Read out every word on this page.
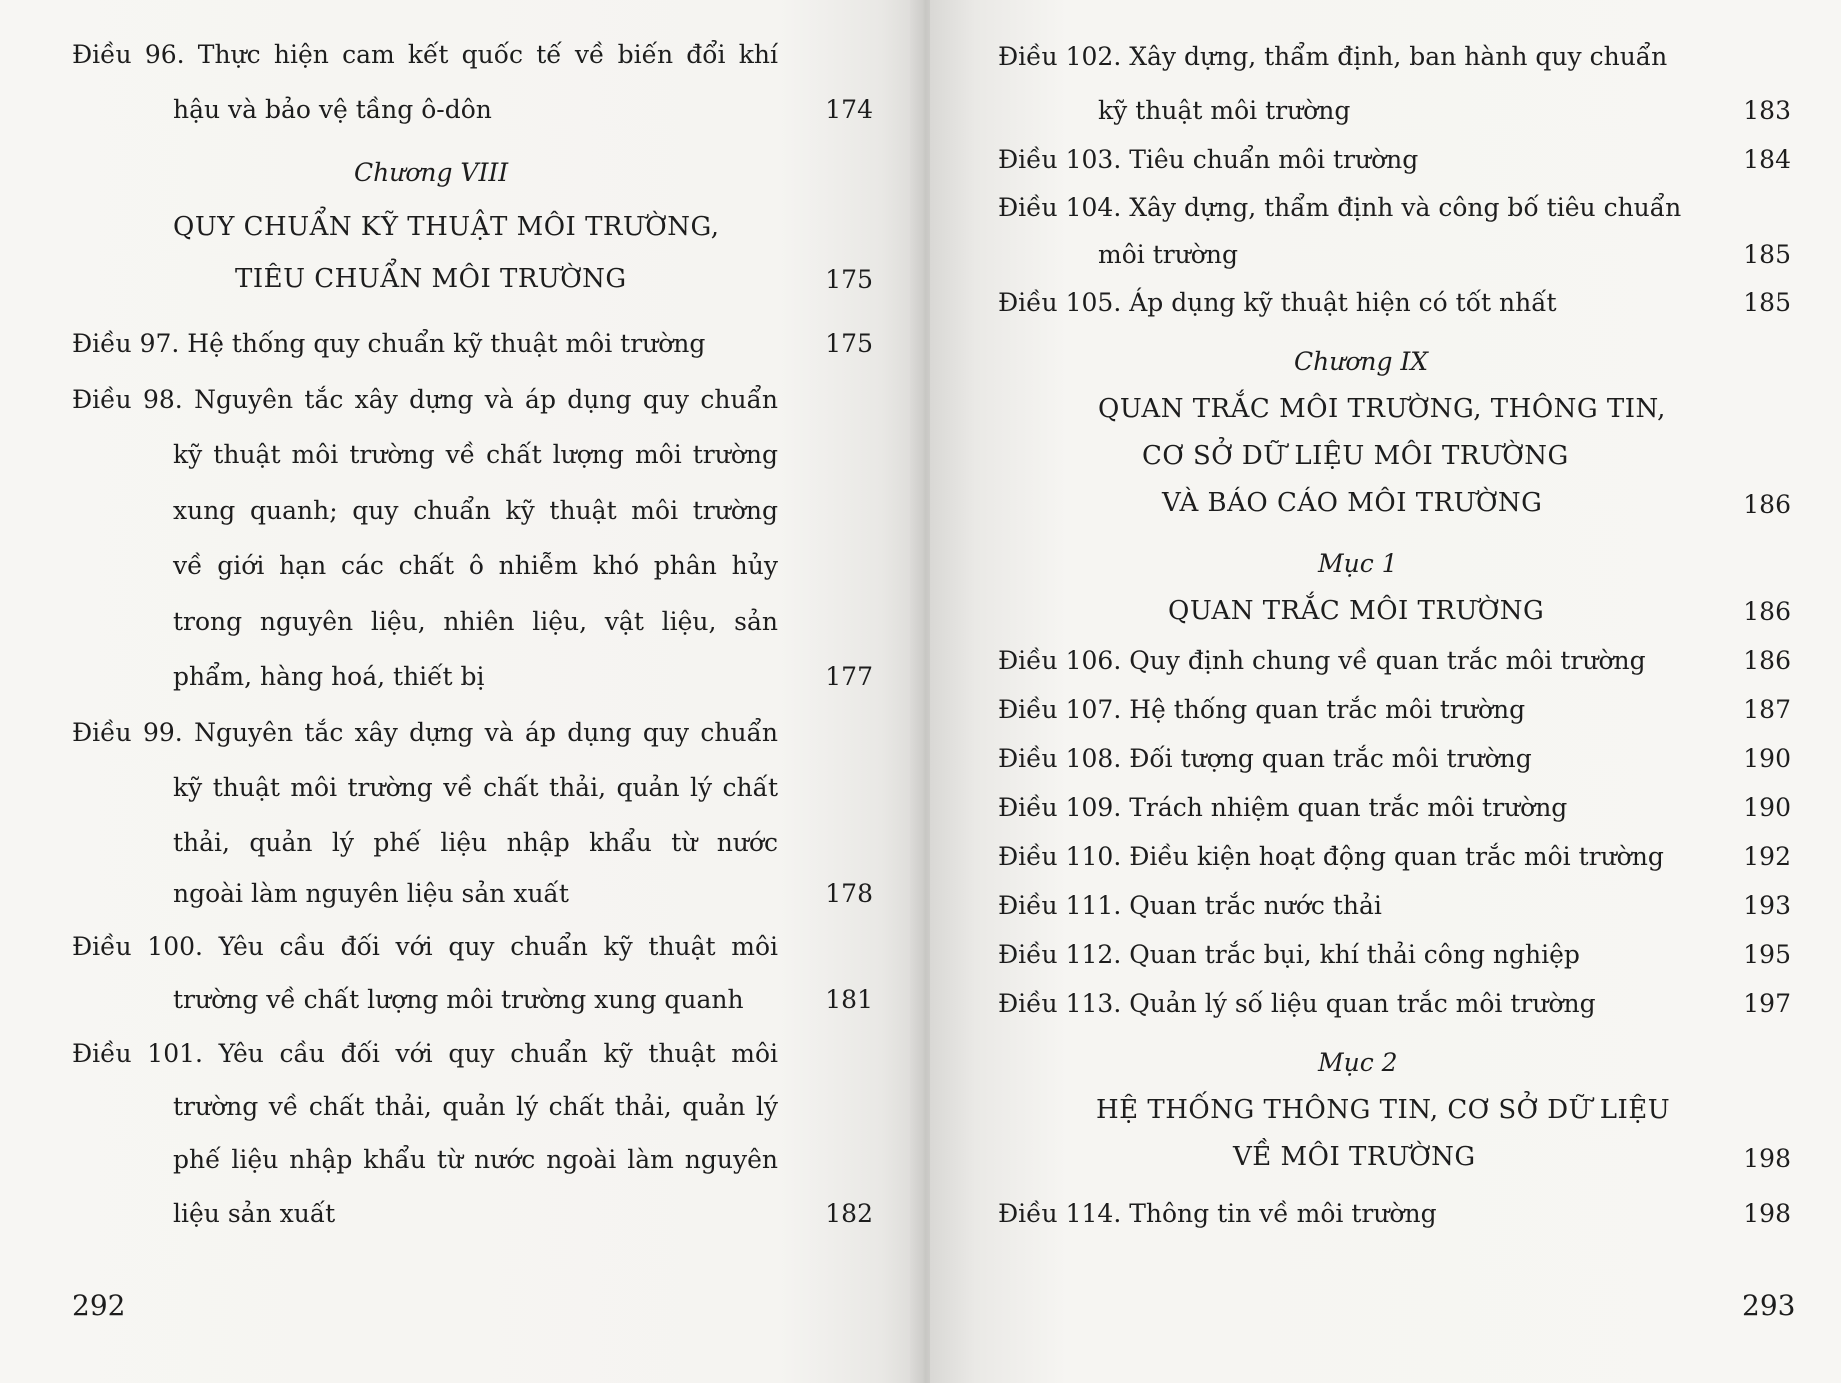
Điều 96. Thực hiện cam kết quốc tế về biến đổi khí
hậu và bảo vệ tầng ô-dôn	174
Chương VIII
QUY CHUẨN KỸ THUẬT MÔI TRƯỜNG,
TIÊU CHUẨN MÔI TRƯỜNG	175
Điều 97. Hệ thống quy chuẩn kỹ thuật môi trường	175
Điều 98. Nguyên tắc xây dựng và áp dụng quy chuẩn
kỹ thuật môi trường về chất lượng môi trường
xung quanh; quy chuẩn kỹ thuật môi trường
về giới hạn các chất ô nhiễm khó phân hủy
trong nguyên liệu, nhiên liệu, vật liệu, sản
phẩm, hàng hoá, thiết bị	177
Điều 99. Nguyên tắc xây dựng và áp dụng quy chuẩn
kỹ thuật môi trường về chất thải, quản lý chất
thải, quản lý phế liệu nhập khẩu từ nước
ngoài làm nguyên liệu sản xuất	178
Điều 100. Yêu cầu đối với quy chuẩn kỹ thuật môi
trường về chất lượng môi trường xung quanh	181
Điều 101. Yêu cầu đối với quy chuẩn kỹ thuật môi
trường về chất thải, quản lý chất thải, quản lý
phế liệu nhập khẩu từ nước ngoài làm nguyên
liệu sản xuất	182
292
Điều 102. Xây dựng, thẩm định, ban hành quy chuẩn
kỹ thuật môi trường	183
Điều 103. Tiêu chuẩn môi trường	184
Điều 104. Xây dựng, thẩm định và công bố tiêu chuẩn
môi trường	185
Điều 105. Áp dụng kỹ thuật hiện có tốt nhất	185
Chương IX
QUAN TRẮC MÔI TRƯỜNG, THÔNG TIN,
CƠ SỞ DỮ LIỆU MÔI TRƯỜNG
VÀ BÁO CÁO MÔI TRƯỜNG	186
Mục 1
QUAN TRẮC MÔI TRƯỜNG	186
Điều 106. Quy định chung về quan trắc môi trường	186
Điều 107. Hệ thống quan trắc môi trường	187
Điều 108. Đối tượng quan trắc môi trường	190
Điều 109. Trách nhiệm quan trắc môi trường	190
Điều 110. Điều kiện hoạt động quan trắc môi trường	192
Điều 111. Quan trắc nước thải	193
Điều 112. Quan trắc bụi, khí thải công nghiệp	195
Điều 113. Quản lý số liệu quan trắc môi trường	197
Mục 2
HỆ THỐNG THÔNG TIN, CƠ SỞ DỮ LIỆU
VỀ MÔI TRƯỜNG	198
Điều 114. Thông tin về môi trường	198
293
